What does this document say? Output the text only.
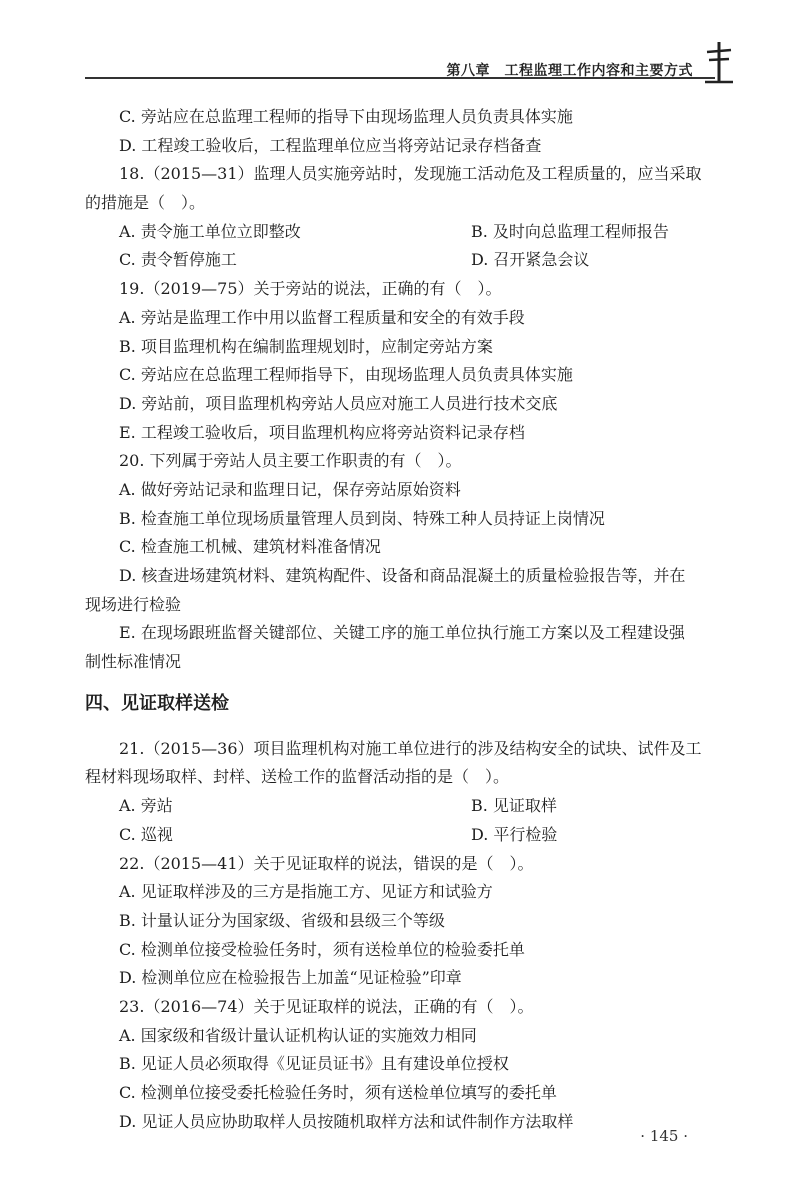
第八章　工程监理工作内容和主要方式
C. 旁站应在总监理工程师的指导下由现场监理人员负责具体实施
D. 工程竣工验收后，工程监理单位应当将旁站记录存档备查
18.（2015—31）监理人员实施旁站时，发现施工活动危及工程质量的，应当采取
的措施是（　）。
A. 责令施工单位立即整改	B. 及时向总监理工程师报告
C. 责令暂停施工	D. 召开紧急会议
19.（2019—75）关于旁站的说法，正确的有（　）。
A. 旁站是监理工作中用以监督工程质量和安全的有效手段
B. 项目监理机构在编制监理规划时，应制定旁站方案
C. 旁站应在总监理工程师指导下，由现场监理人员负责具体实施
D. 旁站前，项目监理机构旁站人员应对施工人员进行技术交底
E. 工程竣工验收后，项目监理机构应将旁站资料记录存档
20. 下列属于旁站人员主要工作职责的有（　）。
A. 做好旁站记录和监理日记，保存旁站原始资料
B. 检查施工单位现场质量管理人员到岗、特殊工种人员持证上岗情况
C. 检查施工机械、建筑材料准备情况
D. 核查进场建筑材料、建筑构配件、设备和商品混凝土的质量检验报告等，并在
现场进行检验
E. 在现场跟班监督关键部位、关键工序的施工单位执行施工方案以及工程建设强
制性标准情况
四、见证取样送检
21.（2015—36）项目监理机构对施工单位进行的涉及结构安全的试块、试件及工
程材料现场取样、封样、送检工作的监督活动指的是（　）。
A. 旁站	B. 见证取样
C. 巡视	D. 平行检验
22.（2015—41）关于见证取样的说法，错误的是（　）。
A. 见证取样涉及的三方是指施工方、见证方和试验方
B. 计量认证分为国家级、省级和县级三个等级
C. 检测单位接受检验任务时，须有送检单位的检验委托单
D. 检测单位应在检验报告上加盖“见证检验”印章
23.（2016—74）关于见证取样的说法，正确的有（　）。
A. 国家级和省级计量认证机构认证的实施效力相同
B. 见证人员必须取得《见证员证书》且有建设单位授权
C. 检测单位接受委托检验任务时，须有送检单位填写的委托单
D. 见证人员应协助取样人员按随机取样方法和试件制作方法取样
· 145 ·
